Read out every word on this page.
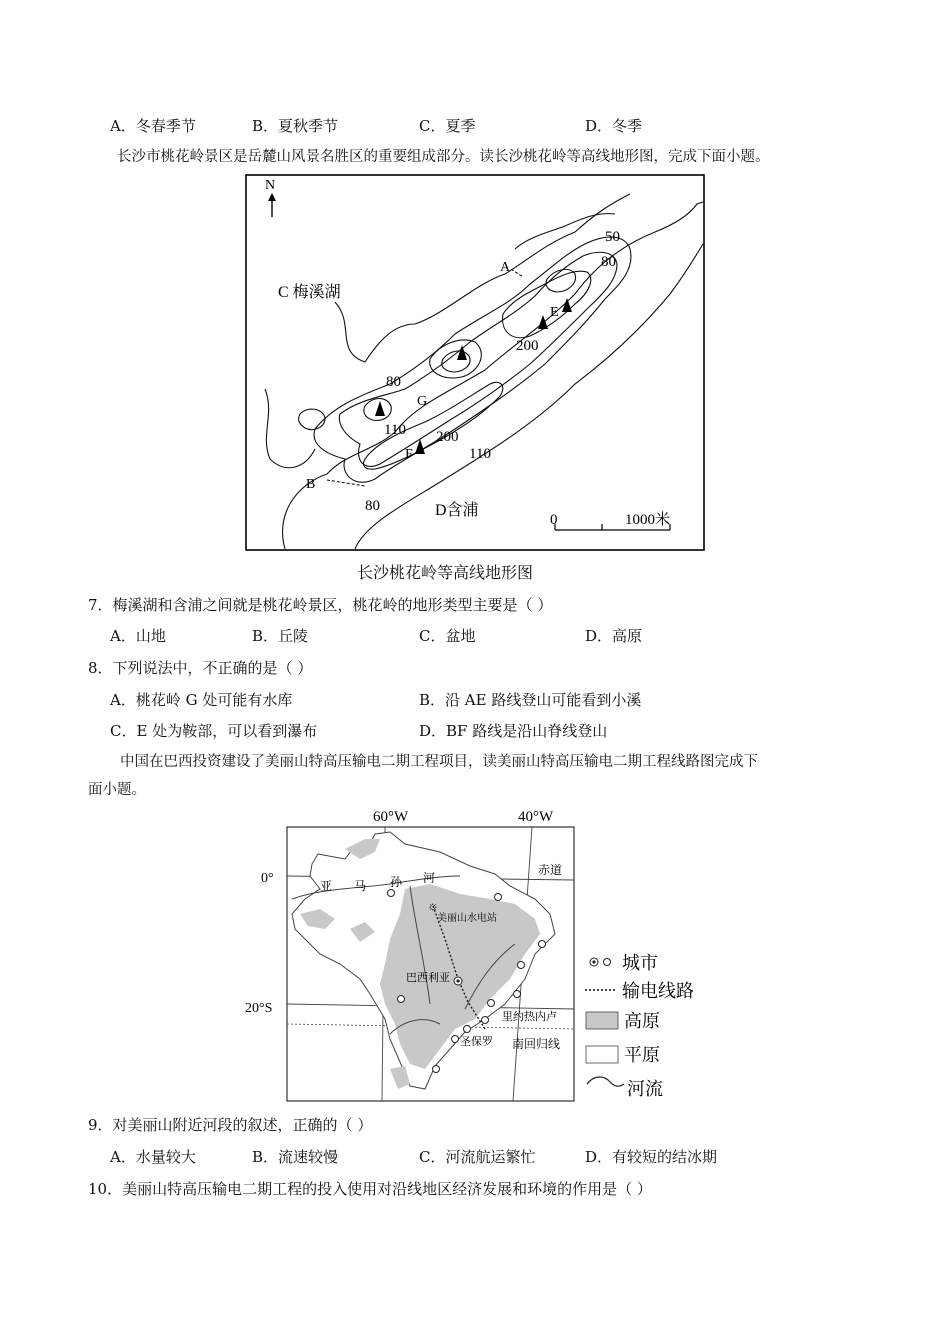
A．冬春季节	B．夏秋季节	C．夏季	D．冬季
长沙市桃花岭景区是岳麓山风景名胜区的重要组成部分。读长沙桃花岭等高线地形图，完成下面小题。
N
C 梅溪湖
D含浦
50
80
200
80
110 200
110
80
A
E
G
B
F
0	1000米
长沙桃花岭等高线地形图
7．梅溪湖和含浦之间就是桃花岭景区，桃花岭的地形类型主要是（ ）
A．山地	B．丘陵	C．盆地	D．高原
8．下列说法中，不正确的是（ ）
A．桃花岭 G 处可能有水库	B．沿 AE 路线登山可能看到小溪
C．E 处为鞍部，可以看到瀑布	D．BF 路线是沿山脊线登山
中国在巴西投资建设了美丽山特高压输电二期工程项目，读美丽山特高压输电二期工程线路图完成下
面小题。
60°W	40°W
☼
0°
20°S
赤道
亚 马 孙 河
美丽山水电站
巴西利亚
里约热内卢
圣保罗 南回归线
城市
输电线路
高原
平原
河流
9．对美丽山附近河段的叙述，正确的（ ）
A．水量较大	B．流速较慢	C．河流航运繁忙	D．有较短的结冰期
10．美丽山特高压输电二期工程的投入使用对沿线地区经济发展和环境的作用是（ ）
